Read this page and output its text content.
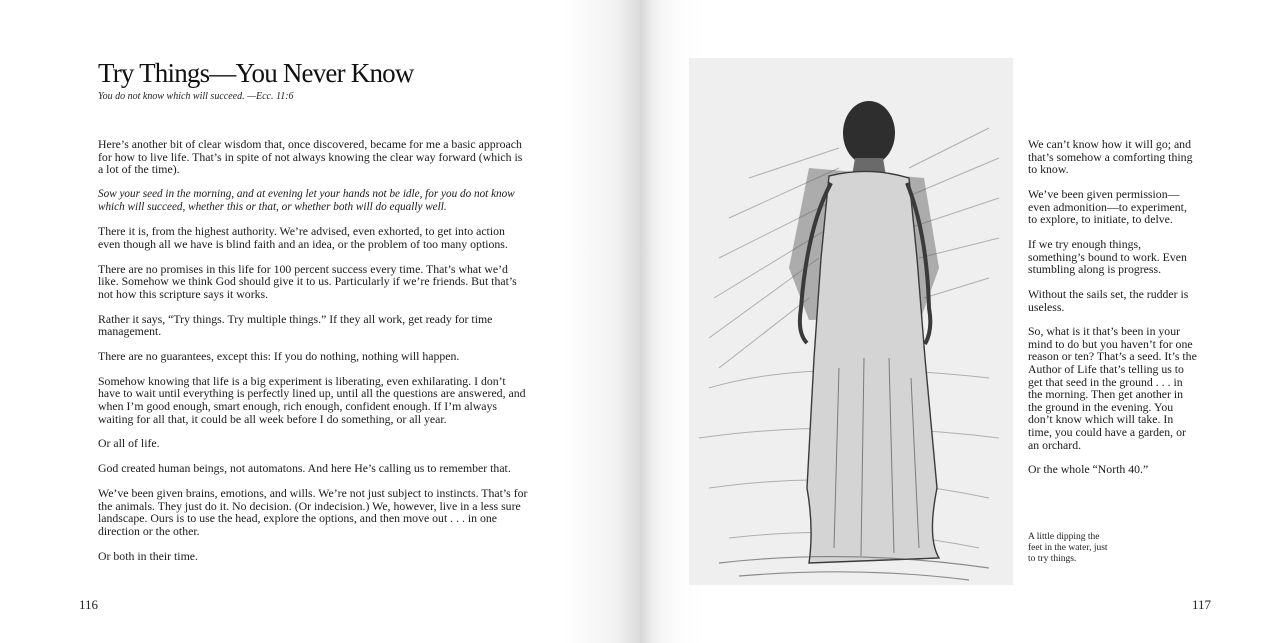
Try Things—You Never Know
You do not know which will succeed. —Ecc. 11:6

Here’s another bit of clear wisdom that, once discovered, became for me a basic approach for how to live life. That’s in spite of not always knowing the clear way forward (which is a lot of the time).

Sow your seed in the morning, and at evening let your hands not be idle, for you do not know which will succeed, whether this or that, or whether both will do equally well.

There it is, from the highest authority. We’re advised, even exhorted, to get into action even though all we have is blind faith and an idea, or the problem of too many options.

There are no promises in this life for 100 percent success every time. That’s what we’d like. Somehow we think God should give it to us. Particularly if we’re friends. But that’s not how this scripture says it works.

Rather it says, “Try things. Try multiple things.” If they all work, get ready for time management.

There are no guarantees, except this: If you do nothing, nothing will happen.

Somehow knowing that life is a big experiment is liberating, even exhilarating. I don’t have to wait until everything is perfectly lined up, until all the questions are answered, and when I’m good enough, smart enough, rich enough, confident enough. If I’m always waiting for all that, it could be all week before I do something, or all year.

Or all of life.

God created human beings, not automatons. And here He’s calling us to remember that.

We’ve been given brains, emotions, and wills. We’re not just subject to instincts. That’s for the animals. They just do it. No decision. (Or indecision.) We, however, live in a less sure landscape. Ours is to use the head, explore the options, and then move out . . . in one direction or the other.

Or both in their time.

116

We can’t know how it will go; and that’s somehow a comforting thing to know.

We’ve been given permission—even admonition—to experiment, to explore, to initiate, to delve.

If we try enough things, something’s bound to work. Even stumbling along is progress.

Without the sails set, the rudder is useless.

So, what is it that’s been in your mind to do but you haven’t for one reason or ten? That’s a seed. It’s the Author of Life that’s telling us to get that seed in the ground . . . in the morning. Then get another in the ground in the evening. You don’t know which will take. In time, you could have a garden, or an orchard.

Or the whole “North 40.”

A little dipping the feet in the water, just to try things.
117
